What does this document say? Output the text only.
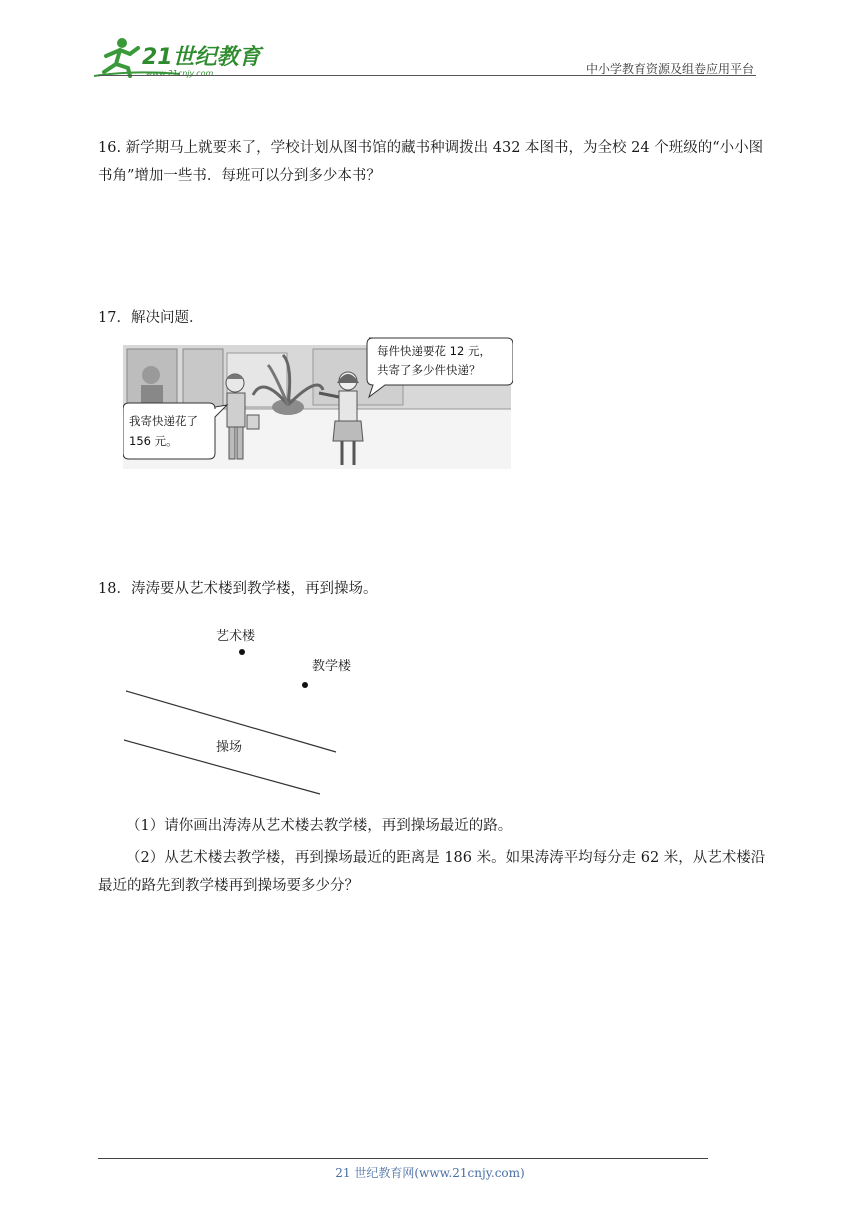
21世纪教育
www.21cnjy.com	中小学教育资源及组卷应用平台
16. 新学期马上就要来了，学校计划从图书馆的藏书种调拨出 432 本图书，为全校 24 个班级的“小小图书角”增加一些书．每班可以分到多少本书？
17．解决问题．
每件快递要花 12 元，
共寄了多少件快递？
我寄快递花了
156 元。
18．涛涛要从艺术楼到教学楼，再到操场。
艺术楼
教学楼
操场
（1）请你画出涛涛从艺术楼去教学楼，再到操场最近的路。
（2）从艺术楼去教学楼，再到操场最近的距离是 186 米。如果涛涛平均每分走 62 米，从艺术楼沿最近的路先到教学楼再到操场要多少分？
21 世纪教育网(www.21cnjy.com)
